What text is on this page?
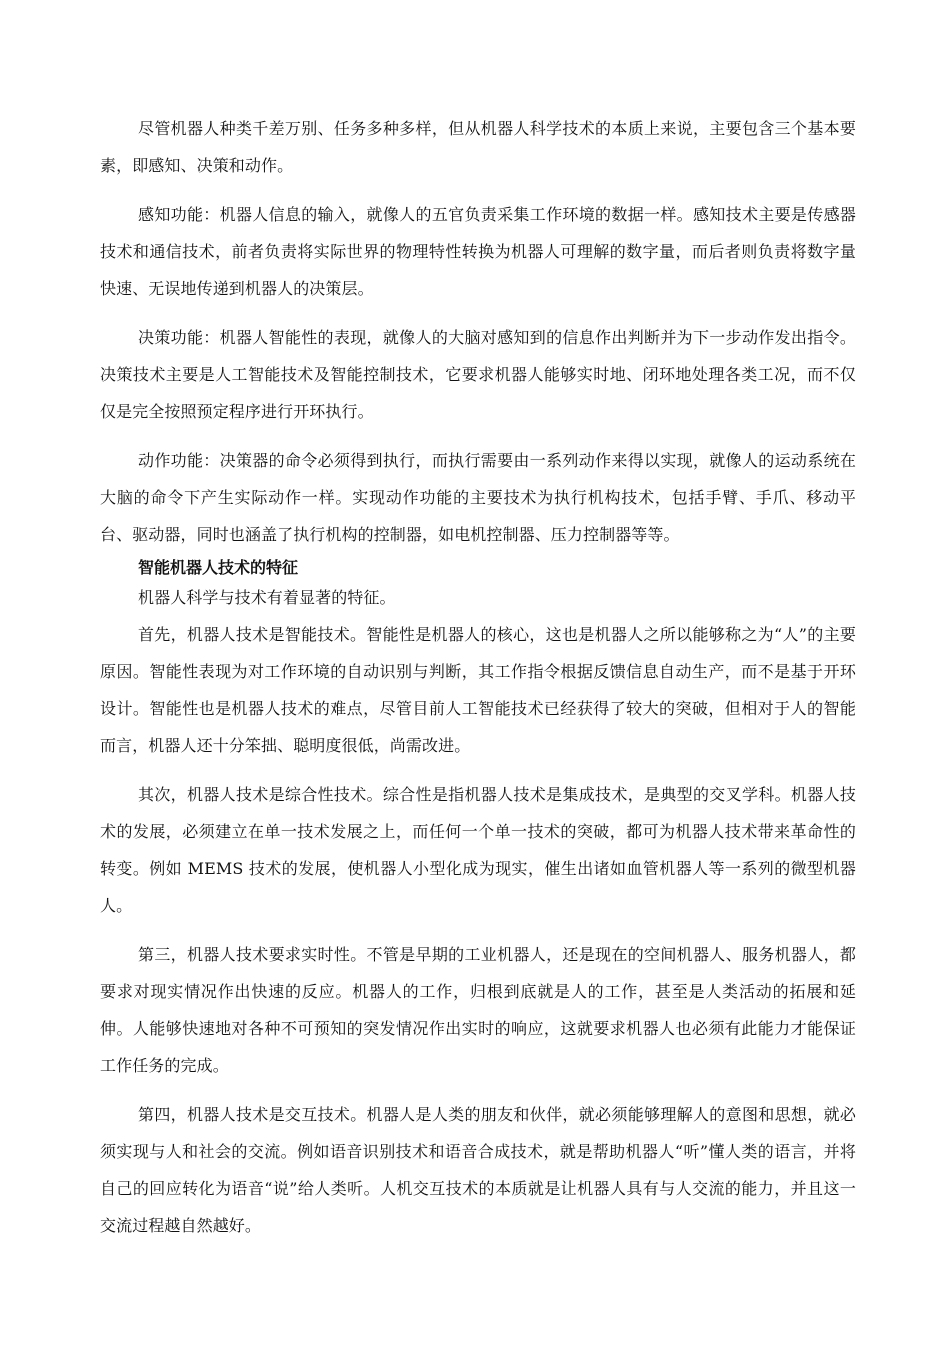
尽管机器人种类千差万别、任务多种多样，但从机器人科学技术的本质上来说，主要包含三个基本要素，即感知、决策和动作。

感知功能：机器人信息的输入，就像人的五官负责采集工作环境的数据一样。感知技术主要是传感器技术和通信技术，前者负责将实际世界的物理特性转换为机器人可理解的数字量，而后者则负责将数字量快速、无误地传递到机器人的决策层。

决策功能：机器人智能性的表现，就像人的大脑对感知到的信息作出判断并为下一步动作发出指令。决策技术主要是人工智能技术及智能控制技术，它要求机器人能够实时地、闭环地处理各类工况，而不仅仅是完全按照预定程序进行开环执行。

动作功能：决策器的命令必须得到执行，而执行需要由一系列动作来得以实现，就像人的运动系统在大脑的命令下产生实际动作一样。实现动作功能的主要技术为执行机构技术，包括手臂、手爪、移动平台、驱动器，同时也涵盖了执行机构的控制器，如电机控制器、压力控制器等等。

智能机器人技术的特征

机器人科学与技术有着显著的特征。

首先，机器人技术是智能技术。智能性是机器人的核心，这也是机器人之所以能够称之为“人”的主要原因。智能性表现为对工作环境的自动识别与判断，其工作指令根据反馈信息自动生产，而不是基于开环设计。智能性也是机器人技术的难点，尽管目前人工智能技术已经获得了较大的突破，但相对于人的智能而言，机器人还十分笨拙、聪明度很低，尚需改进。

其次，机器人技术是综合性技术。综合性是指机器人技术是集成技术，是典型的交叉学科。机器人技术的发展，必须建立在单一技术发展之上，而任何一个单一技术的突破，都可为机器人技术带来革命性的转变。例如 MEMS 技术的发展，使机器人小型化成为现实，催生出诸如血管机器人等一系列的微型机器人。

第三，机器人技术要求实时性。不管是早期的工业机器人，还是现在的空间机器人、服务机器人，都要求对现实情况作出快速的反应。机器人的工作，归根到底就是人的工作，甚至是人类活动的拓展和延伸。人能够快速地对各种不可预知的突发情况作出实时的响应，这就要求机器人也必须有此能力才能保证工作任务的完成。

第四，机器人技术是交互技术。机器人是人类的朋友和伙伴，就必须能够理解人的意图和思想，就必须实现与人和社会的交流。例如语音识别技术和语音合成技术，就是帮助机器人“听”懂人类的语言，并将自己的回应转化为语音“说”给人类听。人机交互技术的本质就是让机器人具有与人交流的能力，并且这一交流过程越自然越好。
